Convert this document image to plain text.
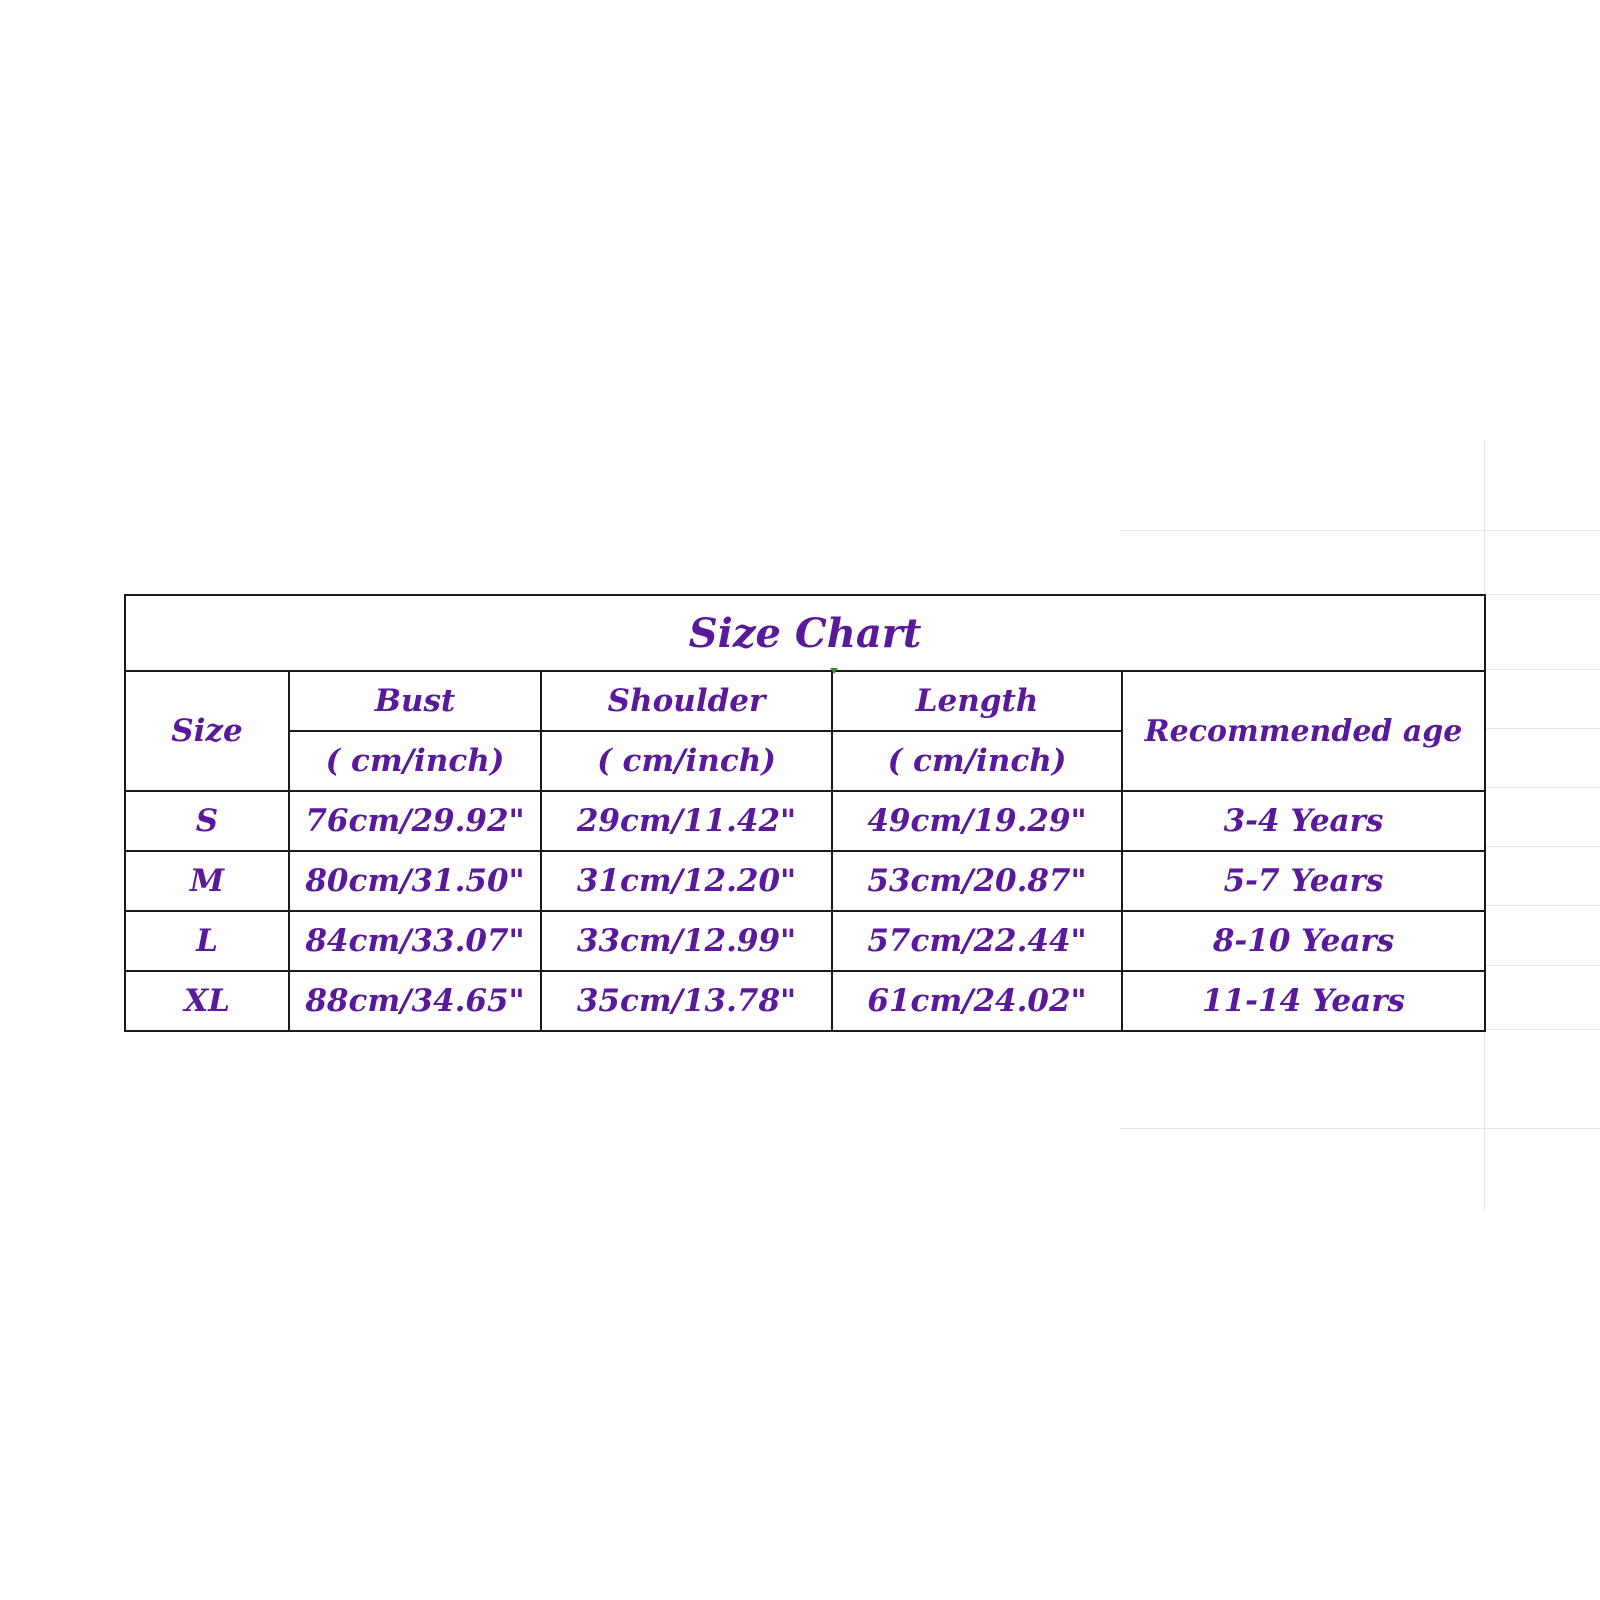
Size Chart				
Size	Bust	Shoulder	Length	Recommended age
	( cm/inch)	( cm/inch)	( cm/inch)	
S	76cm/29.92"	29cm/11.42"	49cm/19.29"	3-4 Years
M	80cm/31.50"	31cm/12.20"	53cm/20.87"	5-7 Years
L	84cm/33.07"	33cm/12.99"	57cm/22.44"	8-10 Years
XL	88cm/34.65"	35cm/13.78"	61cm/24.02"	11-14 Years
